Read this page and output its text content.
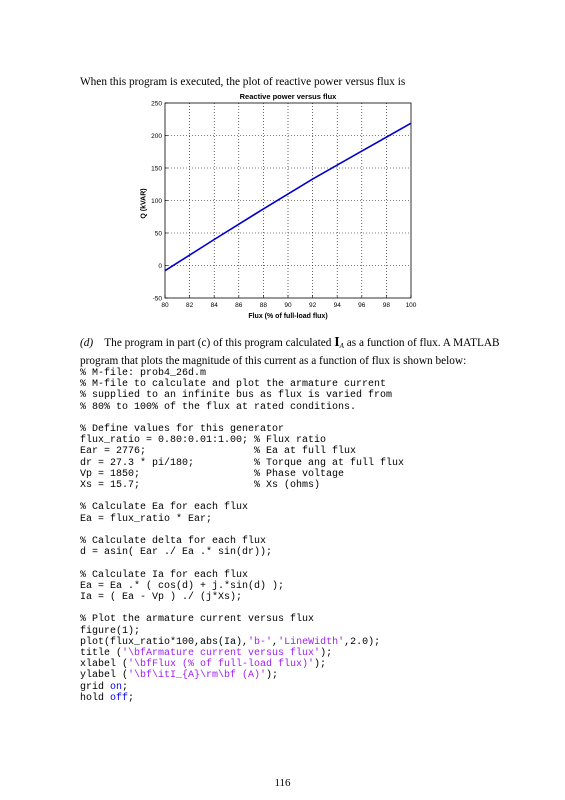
When this program is executed, the plot of reactive power versus flux is
Reactive power versus flux
80	82	84	86	88	90	92	94	96	98 100
250
200
150
100
50
0
-50
Flux (% of full-load flux)
Q (kVAR)
(d) The program in part (c) of this program calculated $I_A$ as a function of flux. A MATLAB program that plots the magnitude of this current as a function of flux is shown below:
% M-file: prob4_26d.m
% M-file to calculate and plot the armature current
% supplied to an infinite bus as flux is varied from
% 80% to 100% of the flux at rated conditions.

% Define values for this generator
flux_ratio = 0.80:0.01:1.00; % Flux ratio
Ear = 2776;                  % Ea at full flux
dr = 27.3 * pi/180;          % Torque ang at full flux
Vp = 1850;                   % Phase voltage
Xs = 15.7;                   % Xs (ohms)

% Calculate Ea for each flux
Ea = flux_ratio * Ear;

% Calculate delta for each flux
d = asin( Ear ./ Ea .* sin(dr));

% Calculate Ia for each flux
Ea = Ea .* ( cos(d) + j.*sin(d) );
Ia = ( Ea - Vp ) ./ (j*Xs);

% Plot the armature current versus flux
figure(1);
plot(flux_ratio*100,abs(Ia),'b-','LineWidth',2.0);
title ('\bfArmature current versus flux');
xlabel ('\bfFlux (% of full-load flux)');
ylabel ('\bf\itI_{A}\rm\bf (A)');
grid on;
hold off;
116
